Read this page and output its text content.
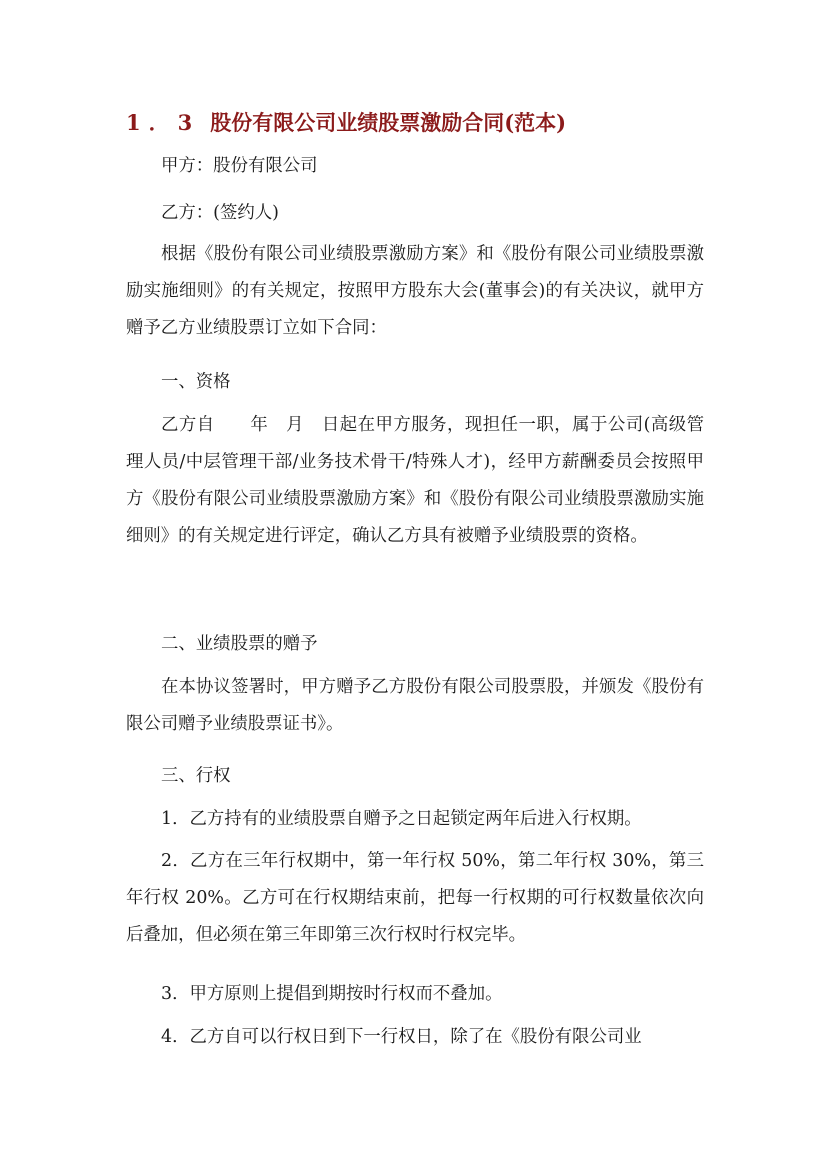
1．3 股份有限公司业绩股票激励合同(范本)
甲方：股份有限公司
乙方：(签约人)
根据《股份有限公司业绩股票激励方案》和《股份有限公司业绩股票激励实施细则》的有关规定，按照甲方股东大会(董事会)的有关决议，就甲方赠予乙方业绩股票订立如下合同：
一、资格
乙方自　　年　月　日起在甲方服务，现担任一职，属于公司(高级管理人员/中层管理干部/业务技术骨干/特殊人才)，经甲方薪酬委员会按照甲方《股份有限公司业绩股票激励方案》和《股份有限公司业绩股票激励实施细则》的有关规定进行评定，确认乙方具有被赠予业绩股票的资格。
二、业绩股票的赠予
在本协议签署时，甲方赠予乙方股份有限公司股票股，并颁发《股份有限公司赠予业绩股票证书》。
三、行权
1．乙方持有的业绩股票自赠予之日起锁定两年后进入行权期。
2．乙方在三年行权期中，第一年行权 50%，第二年行权 30%，第三年行权 20%。乙方可在行权期结束前，把每一行权期的可行权数量依次向后叠加，但必须在第三年即第三次行权时行权完毕。
3．甲方原则上提倡到期按时行权而不叠加。
4．乙方自可以行权日到下一行权日，除了在《股份有限公司业
